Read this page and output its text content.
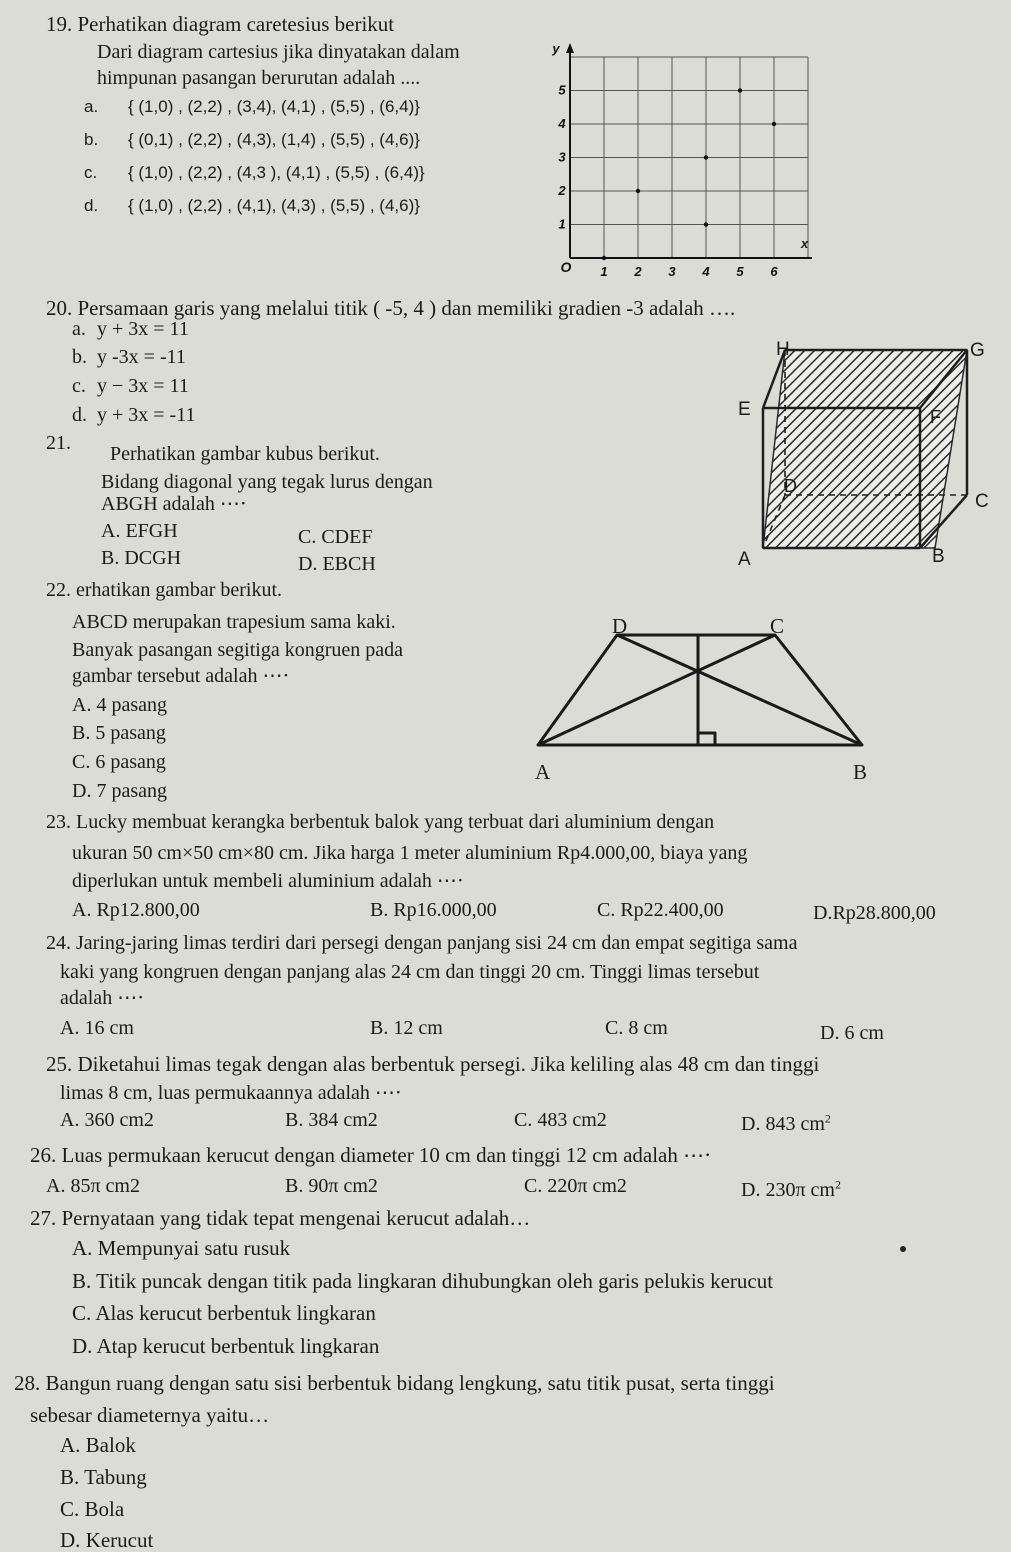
19. Perhatikan diagram caretesius berikut
Dari diagram cartesius jika dinyatakan dalam
himpunan pasangan berurutan adalah ....
a. { (1,0) , (2,2) , (3,4), (4,1) , (5,5) , (6,4)}
b. { (0,1) , (2,2) , (4,3), (1,4) , (5,5) , (4,6)}
c. { (1,0) , (2,2) , (4,3 ), (4,1) , (5,5) , (6,4)}
d. { (1,0) , (2,2) , (4,1), (4,3) , (5,5) , (4,6)}
1 2 3 4 5 6
1
2
3
4
5
O
x
y
20. Persamaan garis yang melalui titik ( -5, 4 ) dan memiliki gradien -3 adalah ….
a. y + 3x = 11
b. y -3x = -11
c. y − 3x = 11
d. y + 3x = -11
21. Perhatikan gambar kubus berikut.
Bidang diagonal yang tegak lurus dengan
ABGH adalah ⋯⋅
A. EFGH	C. CDEF
B. DCGH	D. EBCH
H	G
E	F
D
C
A	B
22. erhatikan gambar berikut.
ABCD merupakan trapesium sama kaki.
Banyak pasangan segitiga kongruen pada
gambar tersebut adalah ⋯⋅
A. 4 pasang
B. 5 pasang
C. 6 pasang
D. 7 pasang
D	C
A	B
23. Lucky membuat kerangka berbentuk balok yang terbuat dari aluminium dengan
ukuran 50 cm×50 cm×80 cm. Jika harga 1 meter aluminium Rp4.000,00, biaya yang
diperlukan untuk membeli aluminium adalah ⋯⋅
A. Rp12.800,00	B. Rp16.000,00	C. Rp22.400,00	D.Rp28.800,00
24. Jaring-jaring limas terdiri dari persegi dengan panjang sisi 24 cm dan empat segitiga sama
kaki yang kongruen dengan panjang alas 24 cm dan tinggi 20 cm. Tinggi limas tersebut
adalah ⋯⋅
A. 16 cm	B. 12 cm	C. 8 cm	D. 6 cm
25. Diketahui limas tegak dengan alas berbentuk persegi. Jika keliling alas 48 cm dan tinggi
limas 8 cm, luas permukaannya adalah ⋯⋅
A. 360 cm2	B. 384 cm2	C. 483 cm2	D. 843 $cm^2$
26. Luas permukaan kerucut dengan diameter 10 cm dan tinggi 12 cm adalah ⋯⋅
A. 85π cm2	B. 90π cm2	C. 220π cm2	D. 230π $cm^2$
27. Pernyataan yang tidak tepat mengenai kerucut adalah…
A. Mempunyai satu rusuk
B. Titik puncak dengan titik pada lingkaran dihubungkan oleh garis pelukis kerucut
C. Alas kerucut berbentuk lingkaran
D. Atap kerucut berbentuk lingkaran
28. Bangun ruang dengan satu sisi berbentuk bidang lengkung, satu titik pusat, serta tinggi
sebesar diameternya yaitu…
A. Balok
B. Tabung
C. Bola
D. Kerucut
